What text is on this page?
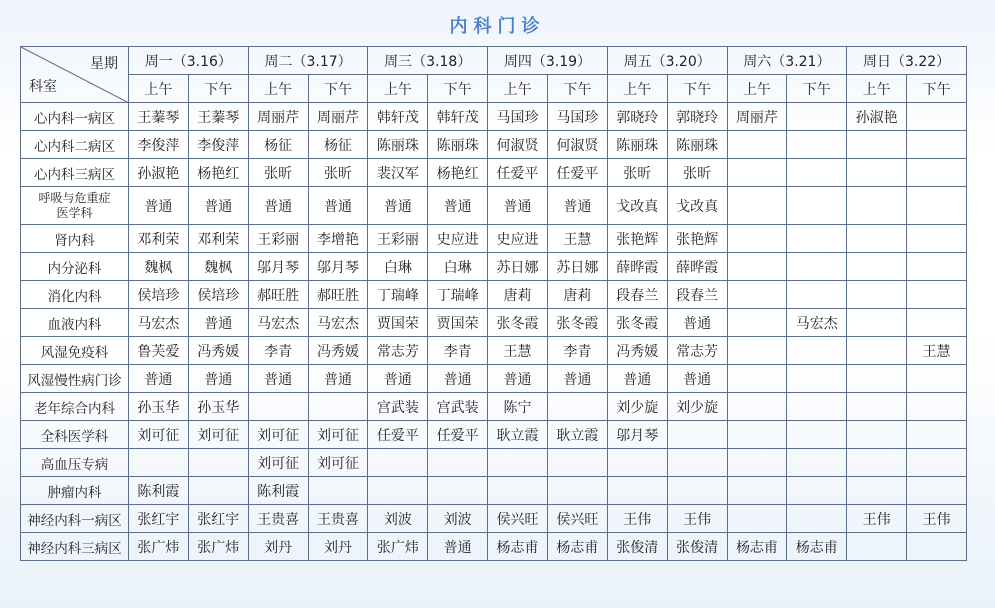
内科门诊
星期
科室	周一（3.16）		周二（3.17）		周三（3.18）		周四（3.19）		周五（3.20）		周六（3.21）		周日（3.22）	
	上午	下午	上午	下午	上午	下午	上午	下午	上午	下午	上午	下午	上午	下午
心内科一病区	王蓁琴	王蓁琴	周丽芹	周丽芹	韩轩茂	韩轩茂	马国珍	马国珍	郭晓玲	郭晓玲	周丽芹		孙淑艳	
心内科二病区	李俊萍	李俊萍	杨征	杨征	陈丽珠	陈丽珠	何淑贤	何淑贤	陈丽珠	陈丽珠				
心内科三病区	孙淑艳	杨艳红	张昕	张昕	裴汉军	杨艳红	任爱平	任爱平	张昕	张昕				
呼吸与危重症医学科	普通	普通	普通	普通	普通	普通	普通	普通	戈改真	戈改真				
肾内科	邓利荣	邓利荣	王彩丽	李增艳	王彩丽	史应进	史应进	王慧	张艳辉	张艳辉				
内分泌科	魏枫	魏枫	邬月琴	邬月琴	白琳	白琳	苏日娜	苏日娜	薛晔霞	薛晔霞				
消化内科	侯培珍	侯培珍	郝旺胜	郝旺胜	丁瑞峰	丁瑞峰	唐莉	唐莉	段春兰	段春兰				
血液内科	马宏杰	普通	马宏杰	马宏杰	贾国荣	贾国荣	张冬霞	张冬霞	张冬霞	普通		马宏杰		
风湿免疫科	鲁芙爱	冯秀媛	李青	冯秀媛	常志芳	李青	王慧	李青	冯秀媛	常志芳				王慧
风湿慢性病门诊	普通	普通	普通	普通	普通	普通	普通	普通	普通	普通				
老年综合内科	孙玉华	孙玉华			宫武装	宫武装	陈宁		刘少旋	刘少旋				
全科医学科	刘可征	刘可征	刘可征	刘可征	任爱平	任爱平	耿立霞	耿立霞	邬月琴					
高血压专病			刘可征	刘可征										
肿瘤内科	陈利霞		陈利霞											
神经内科一病区	张红宇	张红宇	王贵喜	王贵喜	刘波	刘波	侯兴旺	侯兴旺	王伟	王伟			王伟	王伟
神经内科三病区	张广炜	张广炜	刘丹	刘丹	张广炜	普通	杨志甫	杨志甫	张俊清	张俊清	杨志甫	杨志甫		
